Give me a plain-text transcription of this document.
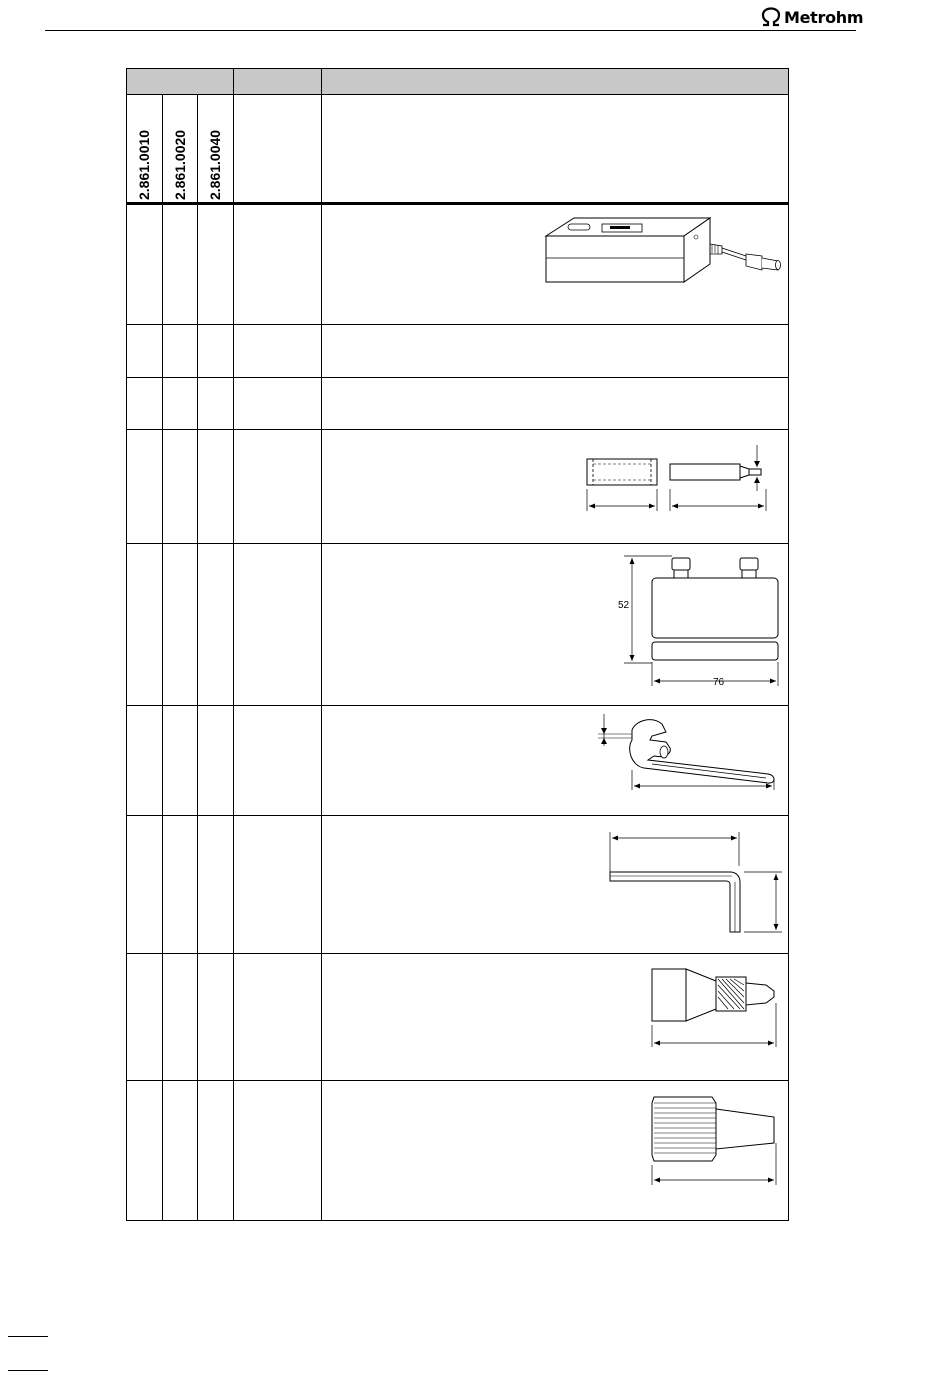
Metrohm
2.861.0010 2.861.0020 2.861.0040
52
76
